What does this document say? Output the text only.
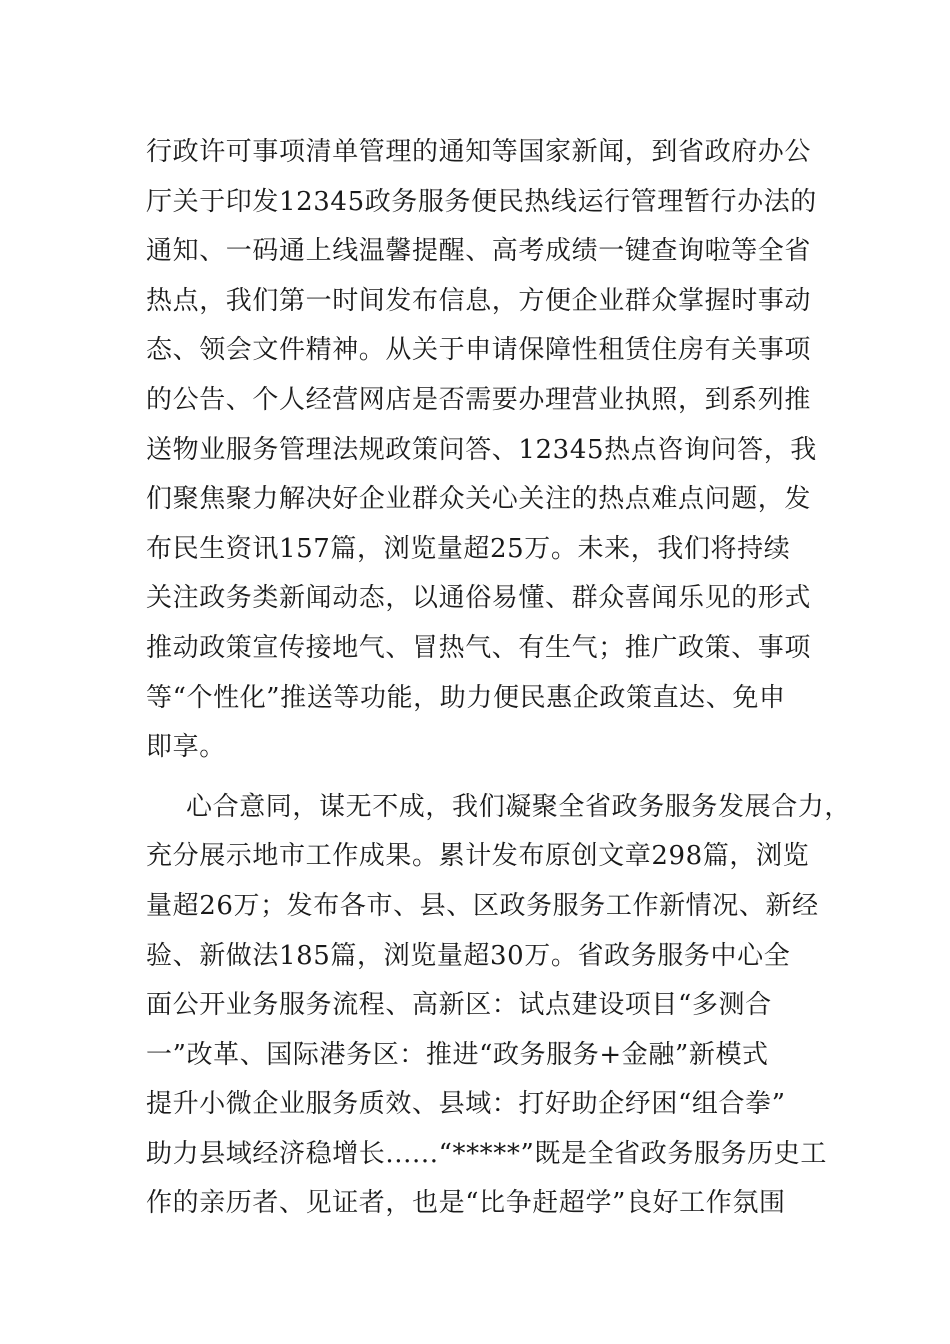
行政许可事项清单管理的通知等国家新闻，到省政府办公
厅关于印发12345政务服务便民热线运行管理暂行办法的
通知、一码通上线温馨提醒、高考成绩一键查询啦等全省
热点，我们第一时间发布信息，方便企业群众掌握时事动
态、领会文件精神。从关于申请保障性租赁住房有关事项
的公告、个人经营网店是否需要办理营业执照，到系列推
送物业服务管理法规政策问答、12345热点咨询问答，我
们聚焦聚力解决好企业群众关心关注的热点难点问题，发
布民生资讯157篇，浏览量超25万。未来，我们将持续
关注政务类新闻动态，以通俗易懂、群众喜闻乐见的形式
推动政策宣传接地气、冒热气、有生气；推广政策、事项
等“个性化”推送等功能，助力便民惠企政策直达、免申
即享。
心合意同，谋无不成，我们凝聚全省政务服务发展合力，
充分展示地市工作成果。累计发布原创文章298篇，浏览
量超26万；发布各市、县、区政务服务工作新情况、新经
验、新做法185篇，浏览量超30万。省政务服务中心全
面公开业务服务流程、高新区：试点建设项目“多测合
一”改革、国际港务区：推进“政务服务+金融”新模式
提升小微企业服务质效、县域：打好助企纾困“组合拳”
助力县域经济稳增长......“*****”既是全省政务服务历史工
作的亲历者、见证者，也是“比争赶超学”良好工作氛围
